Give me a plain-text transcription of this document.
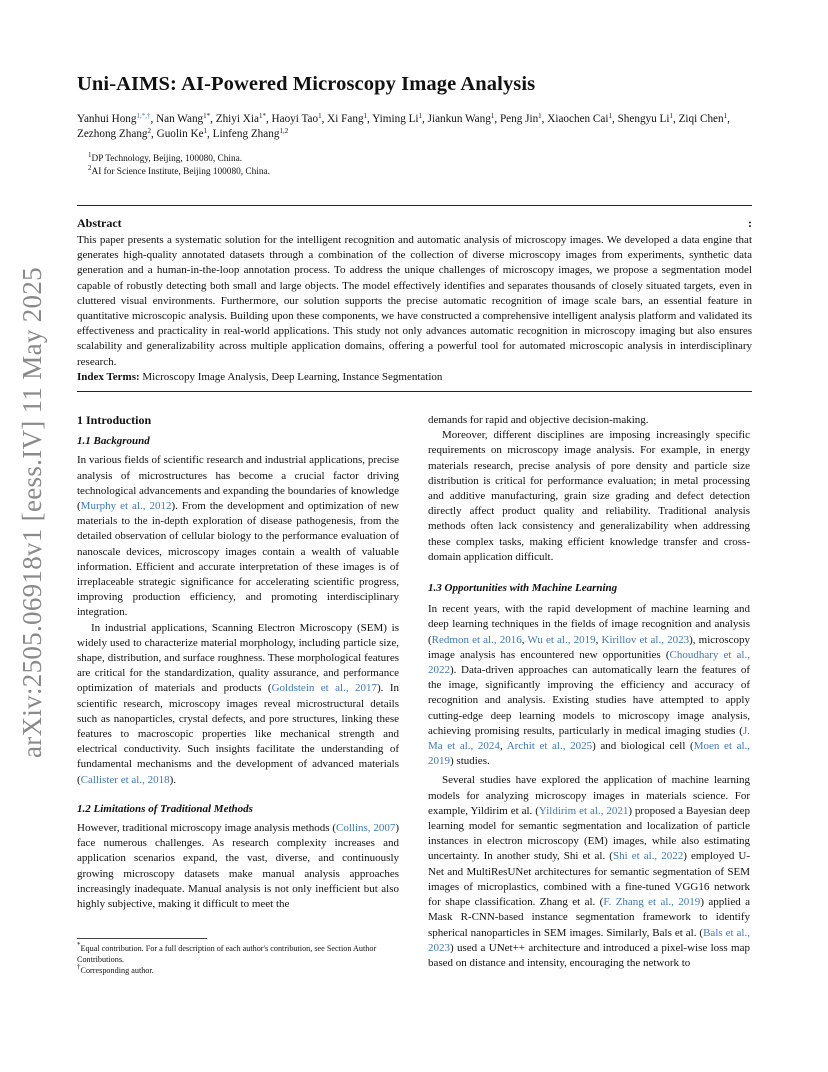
arXiv:2505.06918v1 [eess.IV] 11 May 2025
Uni-AIMS: AI-Powered Microscopy Image Analysis
Yanhui Hong$^{1,*,\dagger}$, Nan Wang$^{1*}$, Zhiyi Xia$^{1*}$, Haoyi Tao$^1$, Xi Fang$^1$, Yiming Li$^1$, Jiankun Wang$^1$, Peng Jin$^1$, Xiaochen Cai$^1$, Shengyu Li$^1$, Ziqi Chen$^1$, Zezhong Zhang$^2$, Guolin Ke$^1$, Linfeng Zhang$^{1,2}$
$^1$DP Technology, Beijing, 100080, China.
$^2$AI for Science Institute, Beijing 100080, China.
Abstract	:
This paper presents a systematic solution for the intelligent recognition and automatic analysis of microscopy images. We developed a data engine that generates high-quality annotated datasets through a combination of the collection of diverse microscopy images from experiments, synthetic data generation and a human-in-the-loop annotation process. To address the unique challenges of microscopy images, we propose a segmentation model capable of robustly detecting both small and large objects. The model effectively identifies and separates thousands of closely situated targets, even in cluttered visual environments. Furthermore, our solution supports the precise automatic recognition of image scale bars, an essential feature in quantitative microscopic analysis. Building upon these components, we have constructed a comprehensive intelligent analysis platform and validated its effectiveness and practicality in real-world applications. This study not only advances automatic recognition in microscopy imaging but also ensures scalability and generalizability across multiple application domains, offering a powerful tool for automated microscopic analysis in interdisciplinary research.
Index Terms: Microscopy Image Analysis, Deep Learning, Instance Segmentation
1 Introduction
1.1 Background

In various fields of scientific research and industrial applications, precise analysis of microstructures has become a crucial factor driving technological advancements and expanding the boundaries of knowledge (Murphy et al., 2012). From the development and optimization of new materials to the in-depth exploration of disease pathogenesis, from the detailed observation of cellular biology to the performance evaluation of nanoscale devices, microscopy images contain a wealth of valuable information. Efficient and accurate interpretation of these images is of irreplaceable strategic significance for accelerating scientific progress, improving production efficiency, and promoting interdisciplinary integration.

In industrial applications, Scanning Electron Microscopy (SEM) is widely used to characterize material morphology, including particle size, shape, distribution, and surface roughness. These morphological features are critical for the standardization, quality assurance, and performance optimization of materials and products (Goldstein et al., 2017). In scientific research, microscopy images reveal microstructural details such as nanoparticles, crystal defects, and pore structures, linking these features to macroscopic properties like mechanical strength and electrical conductivity. Such insights facilitate the understanding of fundamental mechanisms and the development of advanced materials (Callister et al., 2018).

1.2 Limitations of Traditional Methods

However, traditional microscopy image analysis methods (Collins, 2007) face numerous challenges. As research complexity increases and application scenarios expand, the vast, diverse, and continuously growing microscopy datasets make manual analysis approaches increasingly inadequate. Manual analysis is not only inefficient but also highly subjective, making it difficult to meet the

*Equal contribution. For a full description of each author's contribution, see Section Author Contributions.
†Corresponding author.

demands for rapid and objective decision-making.

Moreover, different disciplines are imposing increasingly specific requirements on microscopy image analysis. For example, in energy materials research, precise analysis of pore density and particle size distribution is critical for performance evaluation; in metal processing and additive manufacturing, grain size grading and defect detection directly affect product quality and reliability. Traditional analysis methods often lack consistency and generalizability when addressing these complex tasks, making efficient knowledge transfer and cross-domain application difficult.

1.3 Opportunities with Machine Learning

In recent years, with the rapid development of machine learning and deep learning techniques in the fields of image recognition and analysis (Redmon et al., 2016, Wu et al., 2019, Kirillov et al., 2023), microscopy image analysis has encountered new opportunities (Choudhary et al., 2022). Data-driven approaches can automatically learn the features of the image, significantly improving the efficiency and accuracy of recognition and analysis. Existing studies have attempted to apply cutting-edge deep learning models to microscopy image analysis, achieving promising results, particularly in medical imaging studies (J. Ma et al., 2024, Archit et al., 2025) and biological cell (Moen et al., 2019) studies.

Several studies have explored the application of machine learning models for analyzing microscopy images in materials science. For example, Yildirim et al. (Yildirim et al., 2021) proposed a Bayesian deep learning model for semantic segmentation and localization of particle instances in electron microscopy (EM) images, while also estimating uncertainty. In another study, Shi et al. (Shi et al., 2022) employed U-Net and MultiResUNet architectures for semantic segmentation of SEM images of microplastics, combined with a fine-tuned VGG16 network for shape classification. Zhang et al. (F. Zhang et al., 2019) applied a Mask R-CNN-based instance segmentation framework to identify spherical nanoparticles in SEM images. Similarly, Bals et al. (Bals et al., 2023) used a UNet++ architecture and introduced a pixel-wise loss map based on distance and intensity, encouraging the network to
